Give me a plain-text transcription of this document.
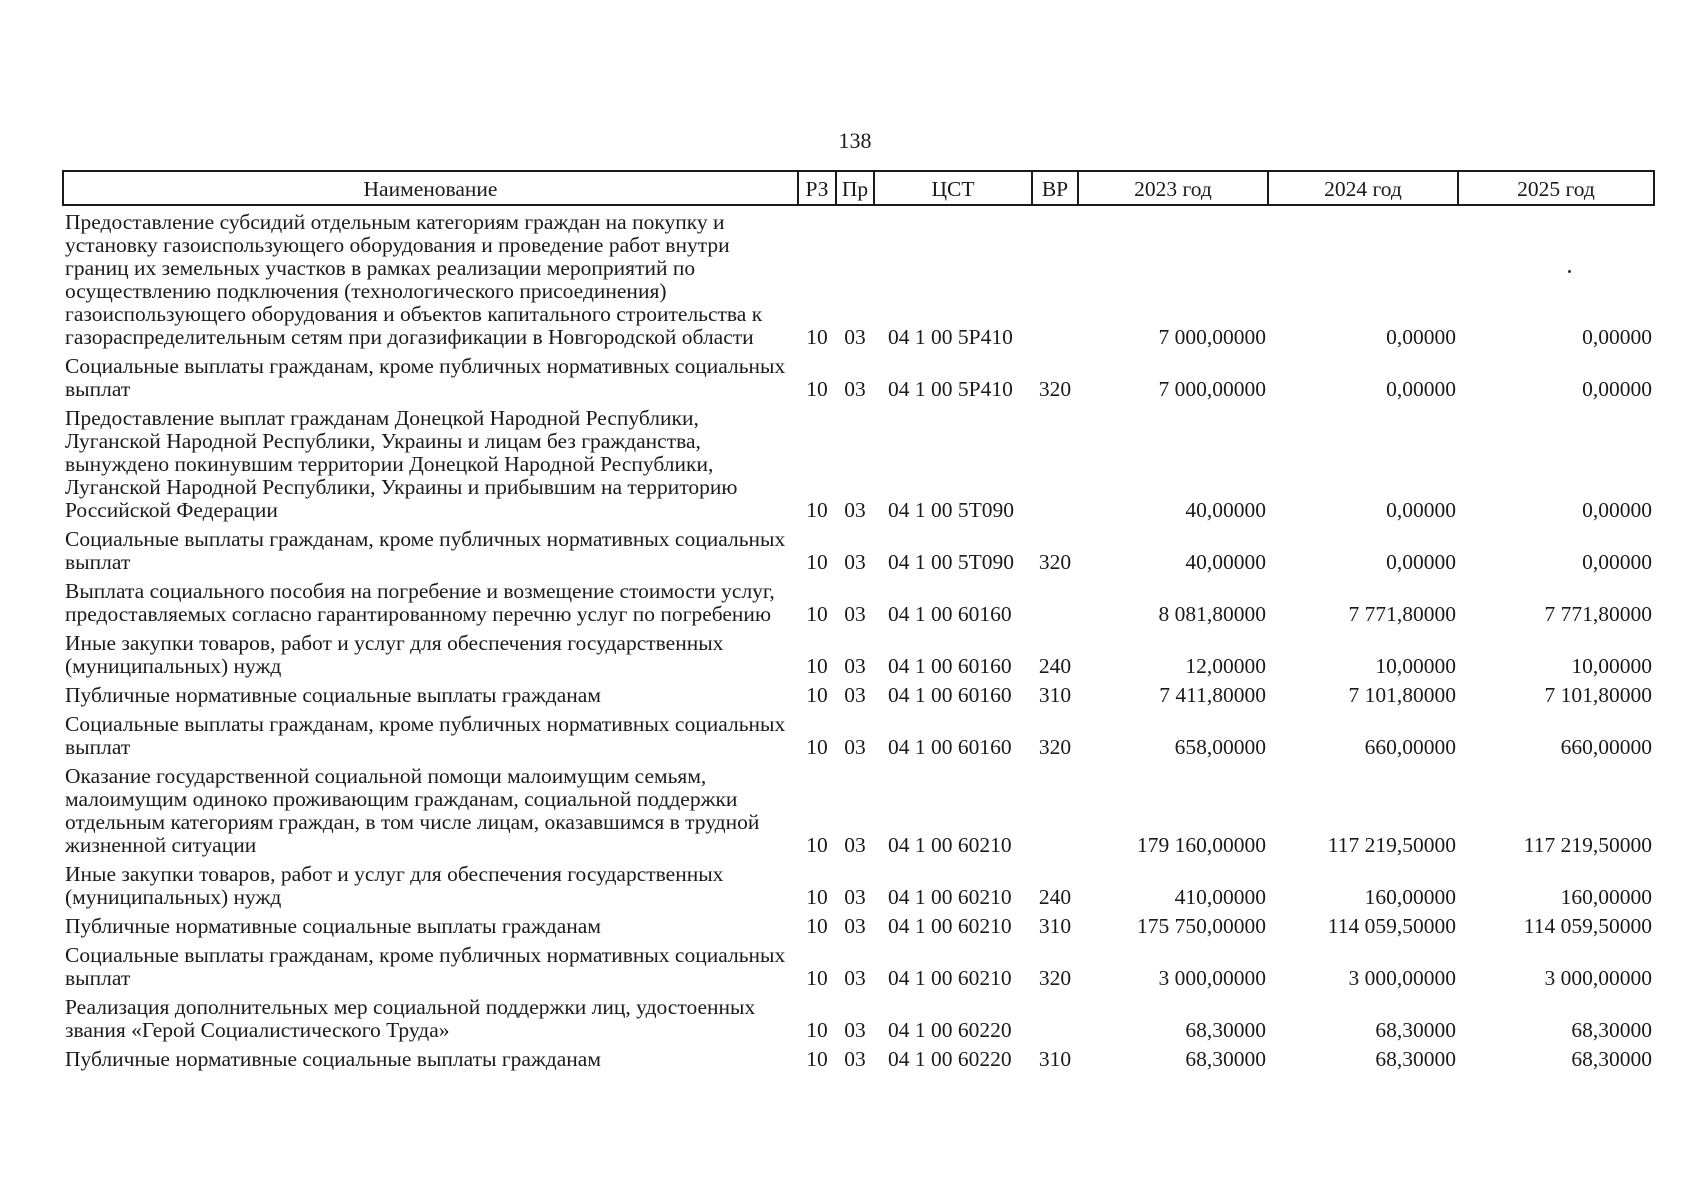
138
Наименование	РЗ	Пр	ЦСТ	ВР	2023 год	2024 год	2025 год
Предоставление субсидий отдельным категориям граждан на покупку и установку газоиспользующего оборудования и проведение работ внутри границ их земельных участков в рамках реализации мероприятий по осуществлению подключения (технологического присоединения) газоиспользующего оборудования и объектов капитального строительства к газораспределительным сетям при догазификации в Новгородской области	10	03	04 1 00 5Р410		7 000,00000	0,00000	0,00000
Социальные выплаты гражданам, кроме публичных нормативных социальных выплат	10	03	04 1 00 5Р410	320	7 000,00000	0,00000	0,00000
Предоставление выплат гражданам Донецкой Народной Республики, Луганской Народной Республики, Украины и лицам без гражданства, вынуждено покинувшим территории Донецкой Народной Республики, Луганской Народной Республики, Украины и прибывшим на территорию Российской Федерации	10	03	04 1 00 5Т090		40,00000	0,00000	0,00000
Социальные выплаты гражданам, кроме публичных нормативных социальных выплат	10	03	04 1 00 5Т090	320	40,00000	0,00000	0,00000
Выплата социального пособия на погребение и возмещение стоимости услуг, предоставляемых согласно гарантированному перечню услуг по погребению	10	03	04 1 00 60160		8 081,80000	7 771,80000	7 771,80000
Иные закупки товаров, работ и услуг для обеспечения государственных (муниципальных) нужд	10	03	04 1 00 60160	240	12,00000	10,00000	10,00000
Публичные нормативные социальные выплаты гражданам	10	03	04 1 00 60160	310	7 411,80000	7 101,80000	7 101,80000
Социальные выплаты гражданам, кроме публичных нормативных социальных выплат	10	03	04 1 00 60160	320	658,00000	660,00000	660,00000
Оказание государственной социальной помощи малоимущим семьям, малоимущим одиноко проживающим гражданам, социальной поддержки отдельным категориям граждан, в том числе лицам, оказавшимся в трудной жизненной ситуации	10	03	04 1 00 60210		179 160,00000	117 219,50000	117 219,50000
Иные закупки товаров, работ и услуг для обеспечения государственных (муниципальных) нужд	10	03	04 1 00 60210	240	410,00000	160,00000	160,00000
Публичные нормативные социальные выплаты гражданам	10	03	04 1 00 60210	310	175 750,00000	114 059,50000	114 059,50000
Социальные выплаты гражданам, кроме публичных нормативных социальных выплат	10	03	04 1 00 60210	320	3 000,00000	3 000,00000	3 000,00000
Реализация дополнительных мер социальной поддержки лиц, удостоенных звания «Герой Социалистического Труда»	10	03	04 1 00 60220		68,30000	68,30000	68,30000
Публичные нормативные социальные выплаты гражданам	10	03	04 1 00 60220	310	68,30000	68,30000	68,30000
